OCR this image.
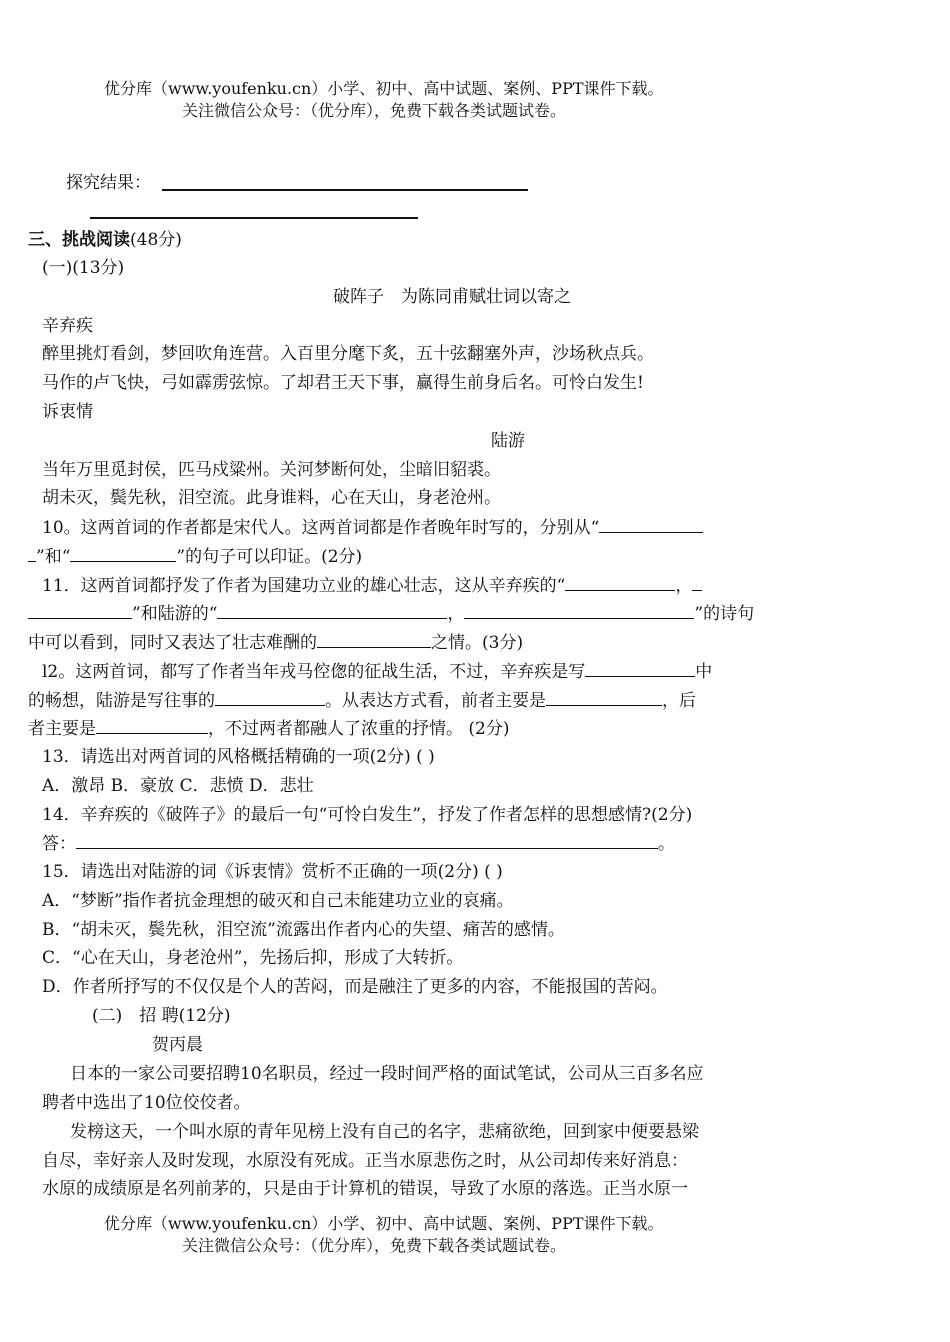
优分库（www.youfenku.cn）小学、初中、高中试题、案例、PPT课件下载。
关注微信公众号：（优分库），免费下载各类试题试卷。
探究结果：
三、挑战阅读(48分)
(一)(13分)
破阵子　为陈同甫赋壮词以寄之
辛弃疾
醉里挑灯看剑，梦回吹角连营。入百里分麾下炙，五十弦翻塞外声，沙场秋点兵。
马作的卢飞快，弓如霹雳弦惊。了却君王天下事，赢得生前身后名。可怜白发生!
诉衷情
陆游
当年万里觅封侯，匹马戍粱州。关河梦断何处，尘暗旧貂裘。
胡未灭，鬓先秋，泪空流。此身谁料，心在天山，身老沧州。
10。这两首词的作者都是宋代人。这两首词都是作者晚年时写的，分别从“
”和“	”的句子可以印证。(2分)
11．这两首词都抒发了作者为国建功立业的雄心壮志，这从辛弃疾的“	，
”和陆游的“	，	”的诗句
中可以看到，同时又表达了壮志难酬的	之情。(3分)
l2。这两首词，都写了作者当年戎马倥偬的征战生活，不过，辛弃疾是写	中
的畅想，陆游是写往事的	。从表达方式看，前者主要是	，后
者主要是	，不过两者都融人了浓重的抒情。 (2分)
13．请选出对两首词的风格概括精确的一项(2分) ( )
A．激昂 B．豪放 C．悲愤 D．悲壮
14．辛弃疾的《破阵子》的最后一句“可怜白发生”，抒发了作者怎样的思想感情?(2分)
答：	。
15．请选出对陆游的词《诉衷情》赏析不正确的一项(2分) ( )
A．“梦断”指作者抗金理想的破灭和自己未能建功立业的哀痛。
B．“胡未灭，鬓先秋，泪空流”流露出作者内心的失望、痛苦的感情。
C．“心在天山，身老沧州”，先扬后抑，形成了大转折。
D．作者所抒写的不仅仅是个人的苦闷，而是融注了更多的内容，不能报国的苦闷。
(二)　招 聘(12分)
贺丙晨
日本的一家公司要招聘10名职员，经过一段时间严格的面试笔试，公司从三百多名应
聘者中选出了10位佼佼者。
发榜这天，一个叫水原的青年见榜上没有自己的名字，悲痛欲绝，回到家中便要悬梁
自尽，幸好亲人及时发现，水原没有死成。正当水原悲伤之时，从公司却传来好消息：
水原的成绩原是名列前茅的，只是由于计算机的错误，导致了水原的落选。正当水原一
优分库（www.youfenku.cn）小学、初中、高中试题、案例、PPT课件下载。
关注微信公众号：（优分库），免费下载各类试题试卷。
